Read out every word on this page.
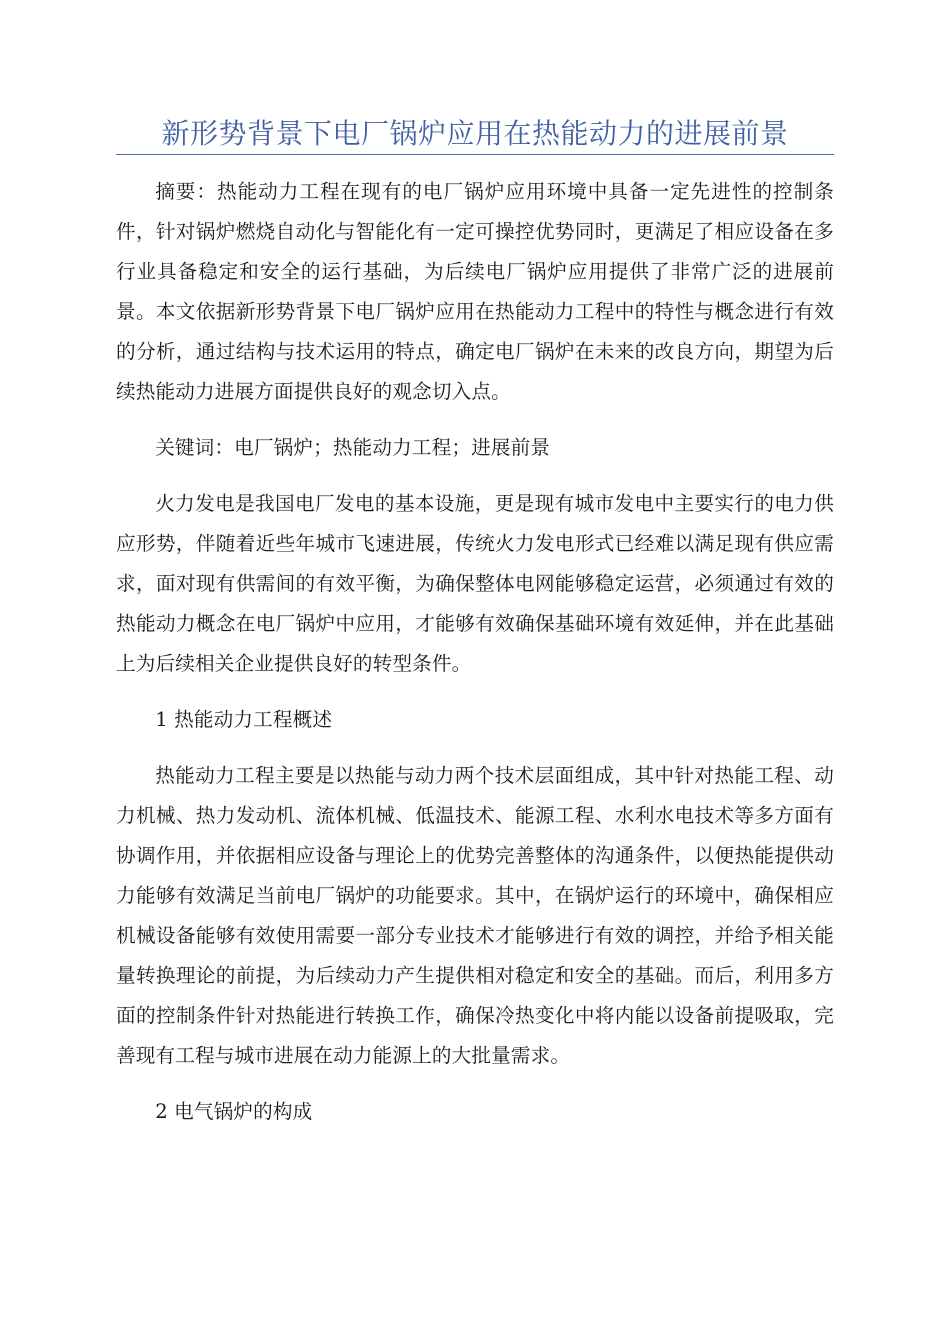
新形势背景下电厂锅炉应用在热能动力的进展前景

摘要：热能动力工程在现有的电厂锅炉应用环境中具备一定先进性的控制条件，针对锅炉燃烧自动化与智能化有一定可操控优势同时，更满足了相应设备在多行业具备稳定和安全的运行基础，为后续电厂锅炉应用提供了非常广泛的进展前景。本文依据新形势背景下电厂锅炉应用在热能动力工程中的特性与概念进行有效的分析，通过结构与技术运用的特点，确定电厂锅炉在未来的改良方向，期望为后续热能动力进展方面提供良好的观念切入点。

关键词：电厂锅炉；热能动力工程；进展前景

火力发电是我国电厂发电的基本设施，更是现有城市发电中主要实行的电力供应形势，伴随着近些年城市飞速进展，传统火力发电形式已经难以满足现有供应需求，面对现有供需间的有效平衡，为确保整体电网能够稳定运营，必须通过有效的热能动力概念在电厂锅炉中应用，才能够有效确保基础环境有效延伸，并在此基础上为后续相关企业提供良好的转型条件。

1 热能动力工程概述

热能动力工程主要是以热能与动力两个技术层面组成，其中针对热能工程、动力机械、热力发动机、流体机械、低温技术、能源工程、水利水电技术等多方面有协调作用，并依据相应设备与理论上的优势完善整体的沟通条件，以便热能提供动力能够有效满足当前电厂锅炉的功能要求。其中，在锅炉运行的环境中，确保相应机械设备能够有效使用需要一部分专业技术才能够进行有效的调控，并给予相关能量转换理论的前提，为后续动力产生提供相对稳定和安全的基础。而后，利用多方面的控制条件针对热能进行转换工作，确保冷热变化中将内能以设备前提吸取，完善现有工程与城市进展在动力能源上的大批量需求。

2 电气锅炉的构成
